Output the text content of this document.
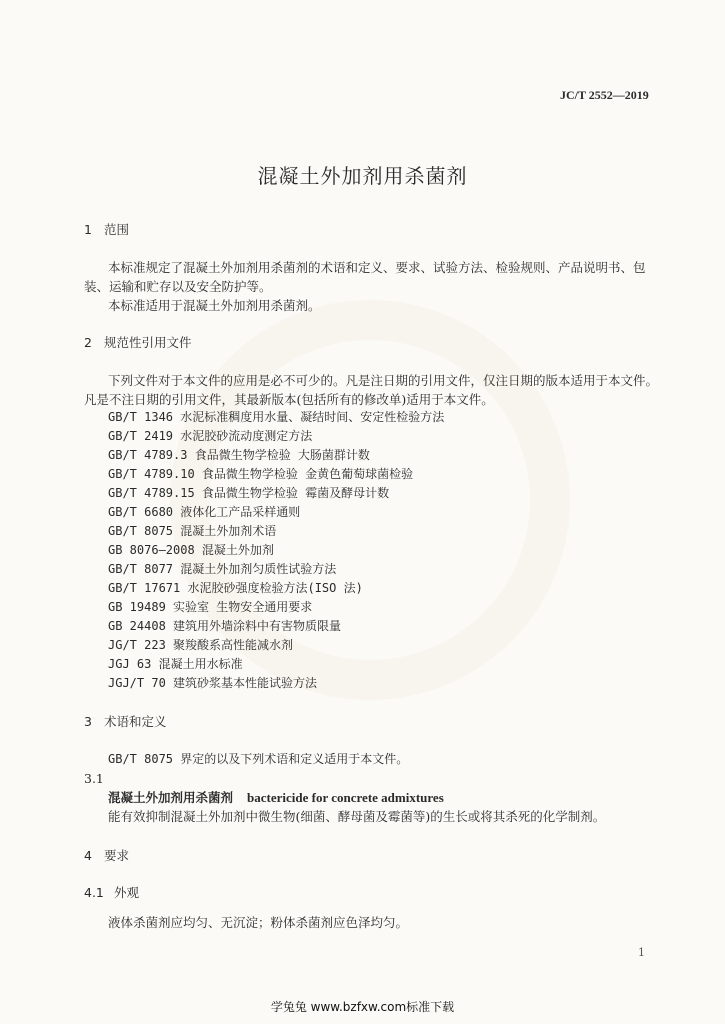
JC/T 2552—2019
混凝土外加剂用杀菌剂
1 范围
本标准规定了混凝土外加剂用杀菌剂的术语和定义、要求、试验方法、检验规则、产品说明书、包
装、运输和贮存以及安全防护等。
本标准适用于混凝土外加剂用杀菌剂。
2 规范性引用文件
下列文件对于本文件的应用是必不可少的。凡是注日期的引用文件，仅注日期的版本适用于本文件。
凡是不注日期的引用文件，其最新版本(包括所有的修改单)适用于本文件。
GB/T 1346 水泥标准稠度用水量、凝结时间、安定性检验方法
GB/T 2419 水泥胶砂流动度测定方法
GB/T 4789.3 食品微生物学检验 大肠菌群计数
GB/T 4789.10 食品微生物学检验 金黄色葡萄球菌检验
GB/T 4789.15 食品微生物学检验 霉菌及酵母计数
GB/T 6680 液体化工产品采样通则
GB/T 8075 混凝土外加剂术语
GB 8076—2008 混凝土外加剂
GB/T 8077 混凝土外加剂匀质性试验方法
GB/T 17671 水泥胶砂强度检验方法(ISO 法)
GB 19489 实验室 生物安全通用要求
GB 24408 建筑用外墙涂料中有害物质限量
JG/T 223 聚羧酸系高性能减水剂
JGJ 63 混凝土用水标准
JGJ/T 70 建筑砂浆基本性能试验方法
3 术语和定义
GB/T 8075 界定的以及下列术语和定义适用于本文件。
3.1
混凝土外加剂用杀菌剂 bactericide for concrete admixtures
能有效抑制混凝土外加剂中微生物(细菌、酵母菌及霉菌等)的生长或将其杀死的化学制剂。
4 要求
4.1 外观
液体杀菌剂应均匀、无沉淀；粉体杀菌剂应色泽均匀。
1
学兔兔 www.bzfxw.com标准下载
